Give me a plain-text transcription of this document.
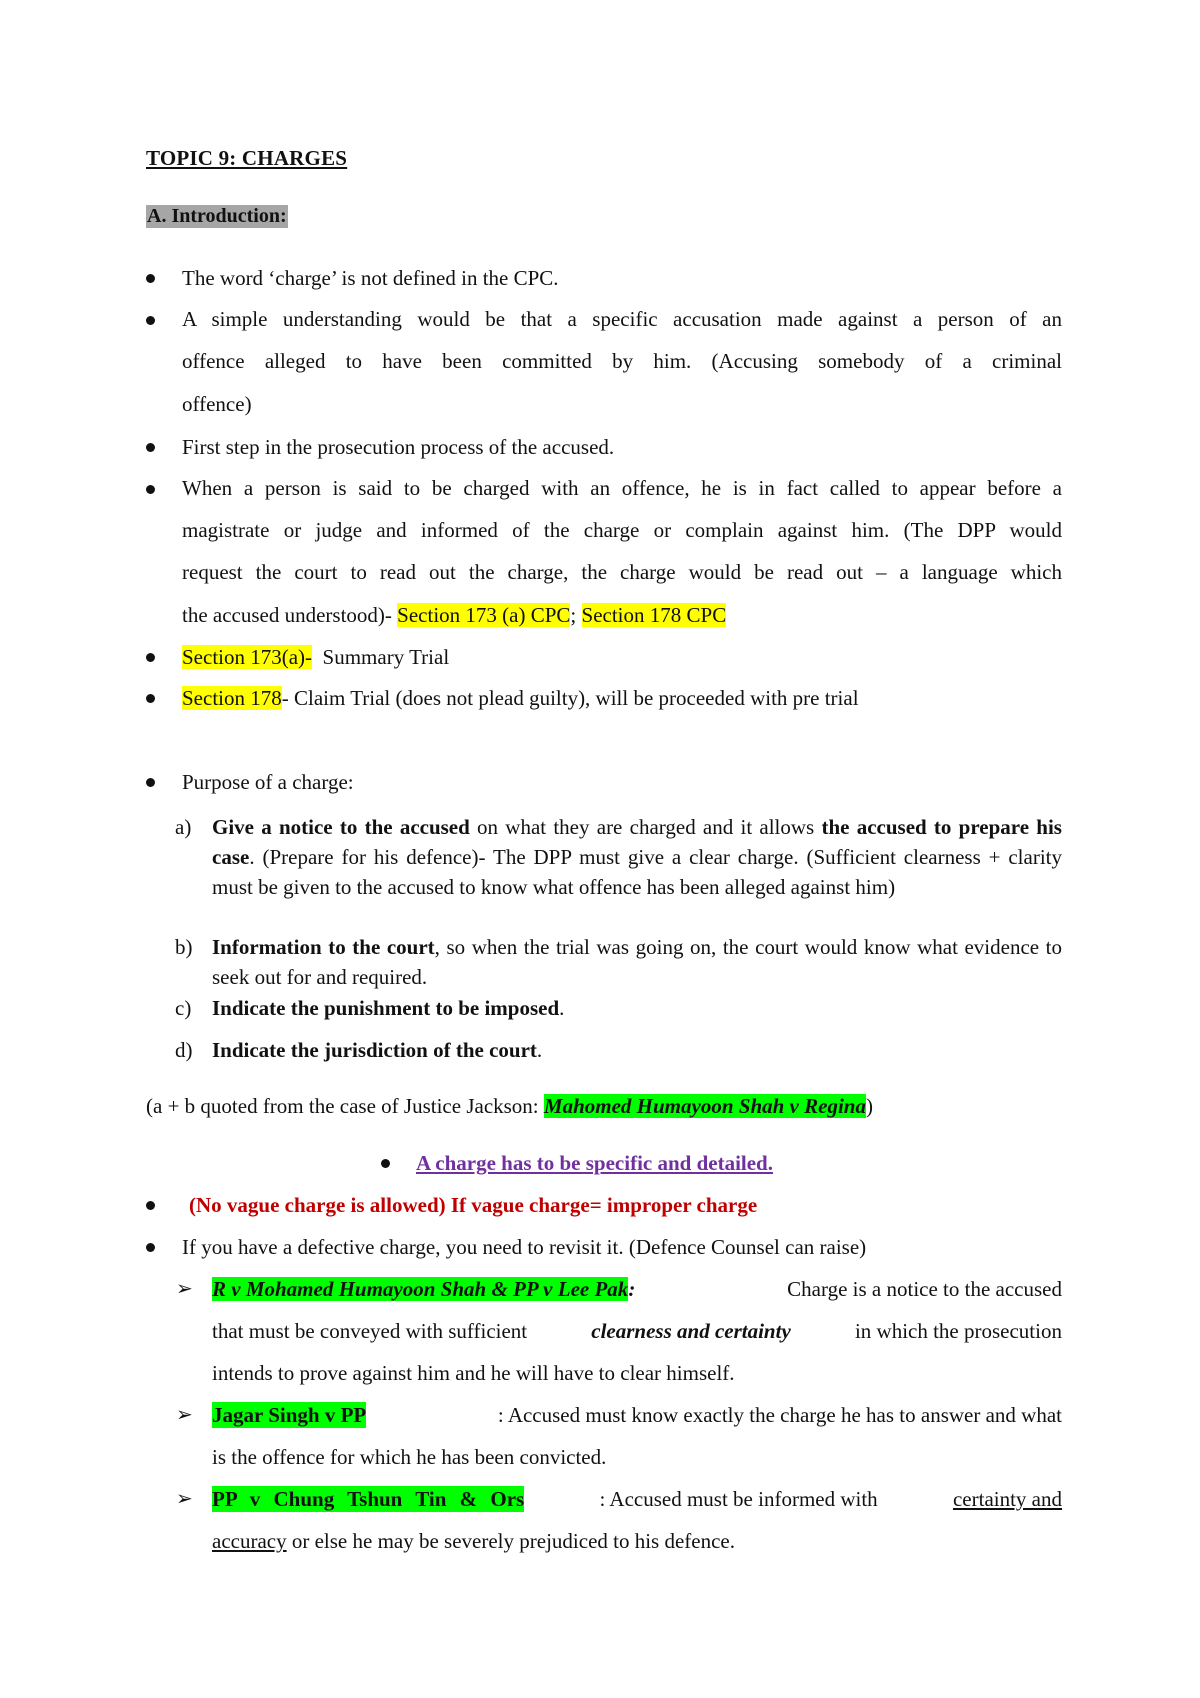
TOPIC 9: CHARGES
A. Introduction:
The word ‘charge’ is not defined in the CPC.
A simple understanding would be that a specific accusation made against a person of an
offence alleged to have been committed by him. (Accusing somebody of a criminal
offence)
First step in the prosecution process of the accused.
When a person is said to be charged with an offence, he is in fact called to appear before a
magistrate or judge and informed of the charge or complain against him. (The DPP would
request the court to read out the charge, the charge would be read out – a language which
the accused understood)- Section 173 (a) CPC; Section 178 CPC
Section 173(a)-  Summary Trial
Section 178- Claim Trial (does not plead guilty), will be proceeded with pre trial
Purpose of a charge:
a) Give a notice to the accused on what they are charged and it allows the accused to prepare his case. (Prepare for his defence)- The DPP must give a clear charge. (Sufficient clearness + clarity must be given to the accused to know what offence has been alleged against him)
b) Information to the court, so when the trial was going on, the court would know what evidence to seek out for and required.
c) Indicate the punishment to be imposed.
d) Indicate the jurisdiction of the court.
(a + b quoted from the case of Justice Jackson: Mahomed Humayoon Shah v Regina)
A charge has to be specific and detailed.
(No vague charge is allowed) If vague charge= improper charge
If you have a defective charge, you need to revisit it. (Defence Counsel can raise)
➢ R v Mohamed Humayoon Shah & PP v Lee Pak:	Charge is a notice to the accused
that must be conveyed with sufficient	clearness and certainty	in which the prosecution
intends to prove against him and he will have to clear himself.
➢ Jagar Singh v PP	: Accused must know exactly the charge he has to answer and what
is the offence for which he has been convicted.
➢ PP v Chung Tshun Tin & Ors	: Accused must be informed with	certainty and
accuracy or else he may be severely prejudiced to his defence.
